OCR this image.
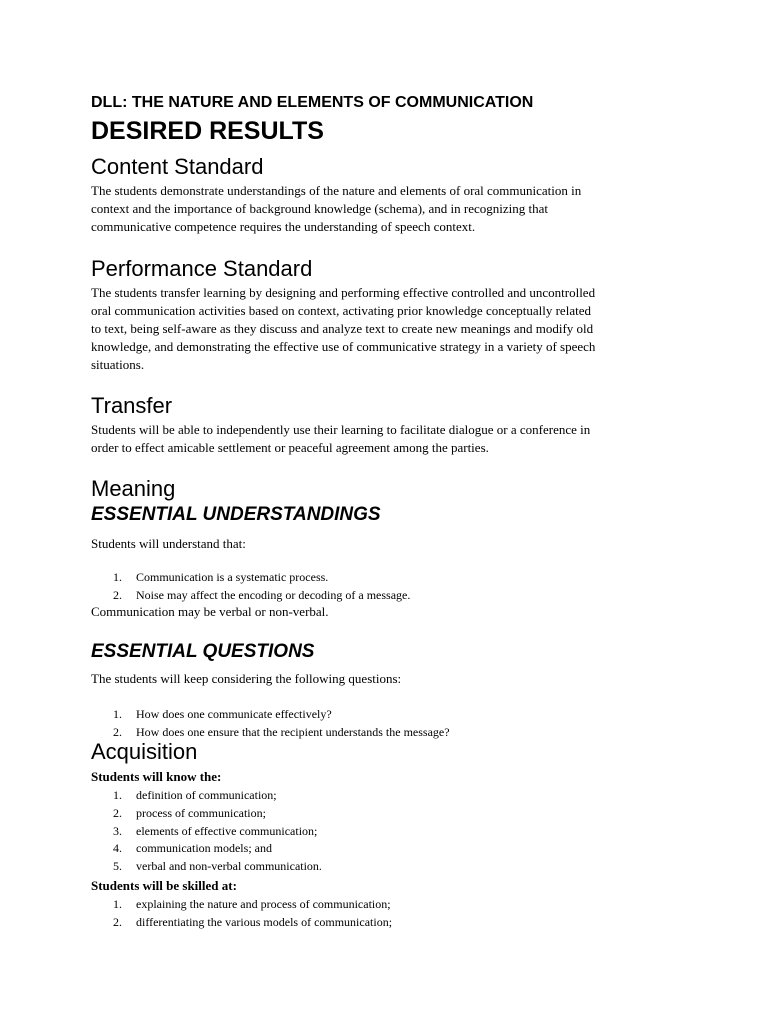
DLL: THE NATURE AND ELEMENTS OF COMMUNICATION
DESIRED RESULTS
Content Standard
The students demonstrate understandings of the nature and elements of oral communication in
context and the importance of background knowledge (schema), and in recognizing that
communicative competence requires the understanding of speech context.
Performance Standard
The students transfer learning by designing and performing effective controlled and uncontrolled
oral communication activities based on context, activating prior knowledge conceptually related
to text, being self-aware as they discuss and analyze text to create new meanings and modify old
knowledge, and demonstrating the effective use of communicative strategy in a variety of speech
situations.
Transfer
Students will be able to independently use their learning to facilitate dialogue or a conference in
order to effect amicable settlement or peaceful agreement among the parties.
Meaning
ESSENTIAL UNDERSTANDINGS
Students will understand that:
1. Communication is a systematic process.
2. Noise may affect the encoding or decoding of a message.
Communication may be verbal or non-verbal.
ESSENTIAL QUESTIONS
The students will keep considering the following questions:
1. How does one communicate effectively?
2. How does one ensure that the recipient understands the message?
Acquisition
Students will know the:
1. definition of communication;
2. process of communication;
3. elements of effective communication;
4. communication models; and
5. verbal and non-verbal communication.
Students will be skilled at:
1. explaining the nature and process of communication;
2. differentiating the various models of communication;
